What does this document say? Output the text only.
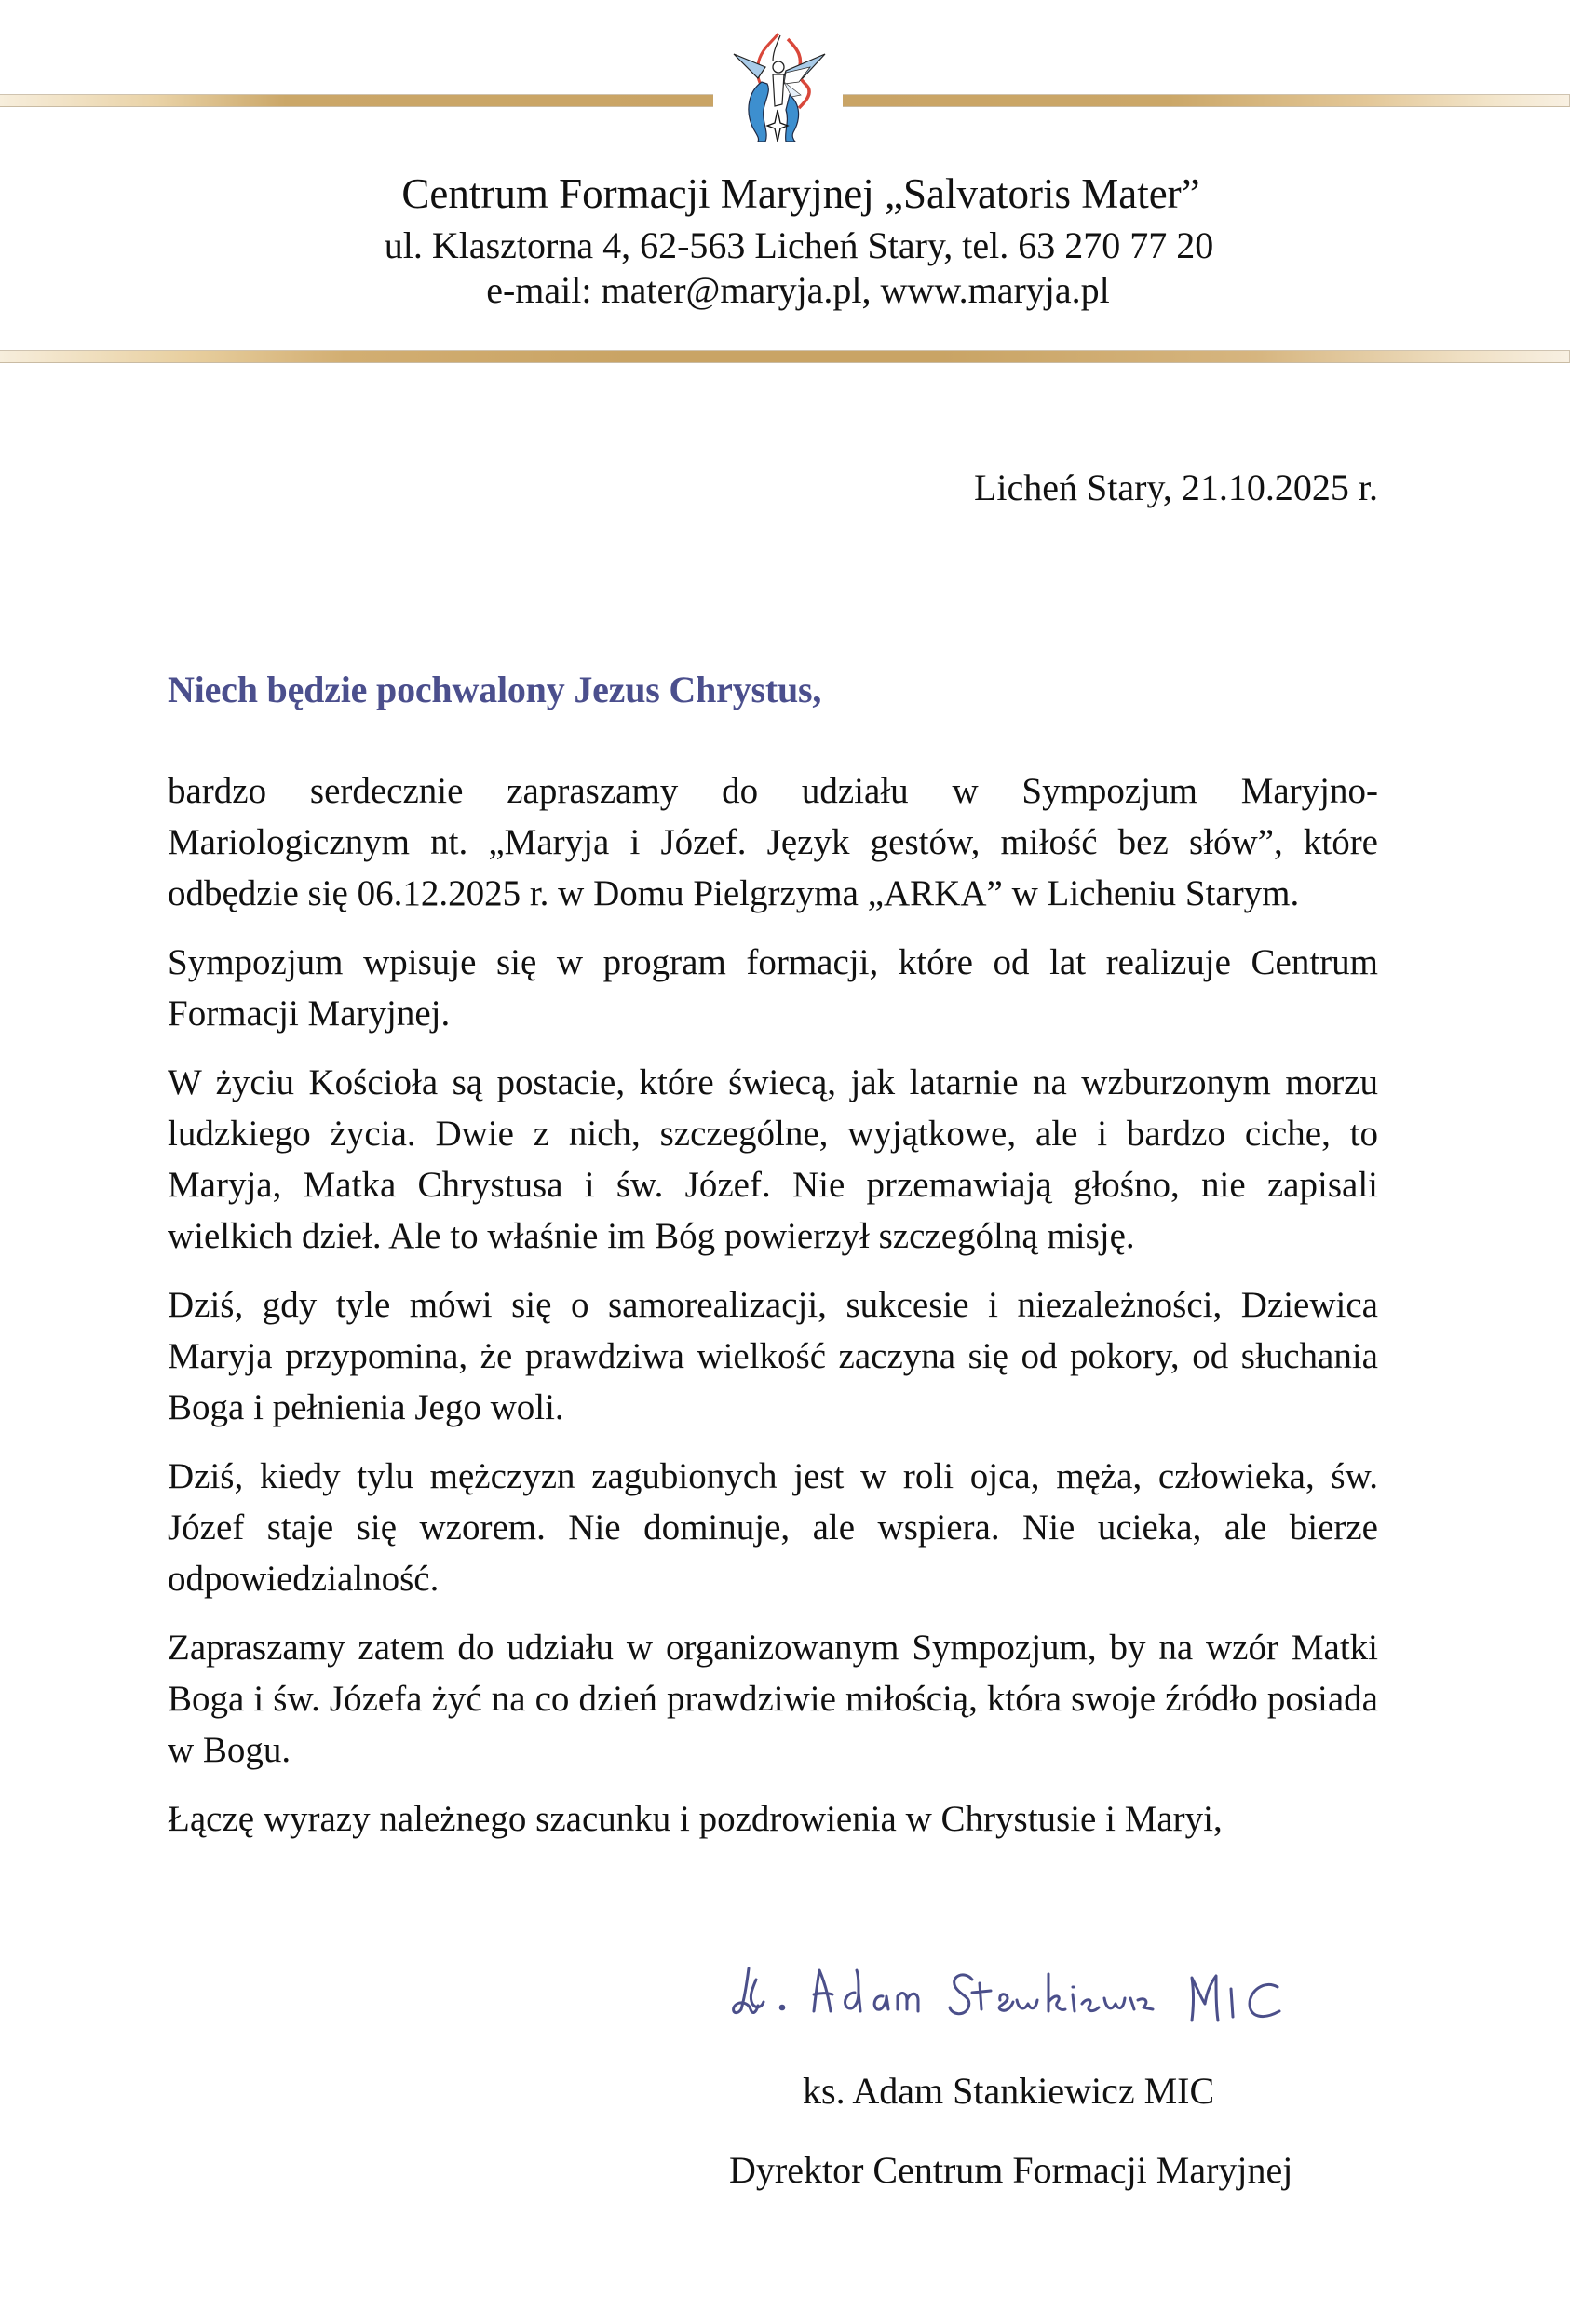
Centrum Formacji Maryjnej „Salvatoris Mater”
ul. Klasztorna 4, 62-563 Licheń Stary, tel. 63 270 77 20
e-mail: mater@maryja.pl, www.maryja.pl
Licheń Stary, 21.10.2025 r.
Niech będzie pochwalony Jezus Chrystus,

bardzo serdecznie zapraszamy do udziału w Sympozjum Maryjno-Mariologicznym nt. „Maryja i Józef. Język gestów, miłość bez słów”, które odbędzie się 06.12.2025 r. w Domu Pielgrzyma „ARKA” w Licheniu Starym.

Sympozjum wpisuje się w program formacji, które od lat realizuje Centrum Formacji Maryjnej.

W życiu Kościoła są postacie, które świecą, jak latarnie na wzburzonym morzu ludzkiego życia. Dwie z nich, szczególne, wyjątkowe, ale i bardzo ciche, to Maryja, Matka Chrystusa i św. Józef. Nie przemawiają głośno, nie zapisali wielkich dzieł. Ale to właśnie im Bóg powierzył szczególną misję.

Dziś, gdy tyle mówi się o samorealizacji, sukcesie i niezależności, Dziewica Maryja przypomina, że prawdziwa wielkość zaczyna się od pokory, od słuchania Boga i pełnienia Jego woli.

Dziś, kiedy tylu mężczyzn zagubionych jest w roli ojca, męża, człowieka, św. Józef staje się wzorem. Nie dominuje, ale wspiera. Nie ucieka, ale bierze odpowiedzialność.

Zapraszamy zatem do udziału w organizowanym Sympozjum, by na wzór Matki Boga i św. Józefa żyć na co dzień prawdziwie miłością, która swoje źródło posiada w Bogu.

Łączę wyrazy należnego szacunku i pozdrowienia w Chrystusie i Maryi,

ks. Adam Stankiewicz MIC
Dyrektor Centrum Formacji Maryjnej
